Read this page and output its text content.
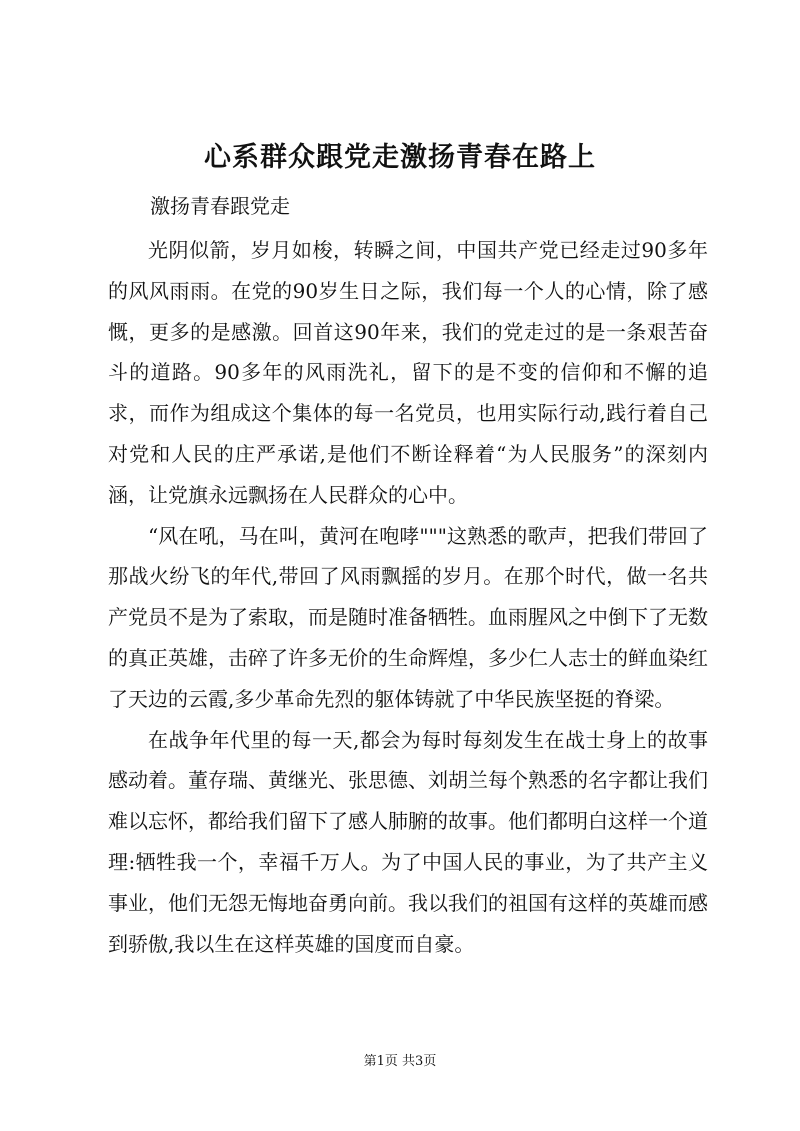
心系群众跟党走激扬青春在路上

激扬青春跟党走

光阴似箭，岁月如梭，转瞬之间，中国共产党已经走过90多年的风风雨雨。在党的90岁生日之际，我们每一个人的心情，除了感慨，更多的是感激。回首这90年来，我们的党走过的是一条艰苦奋斗的道路。90多年的风雨洗礼，留下的是不变的信仰和不懈的追求，而作为组成这个集体的每一名党员，也用实际行动,践行着自己对党和人民的庄严承诺,是他们不断诠释着“为人民服务”的深刻内涵，让党旗永远飘扬在人民群众的心中。

“风在吼，马在叫，黄河在咆哮"""这熟悉的歌声，把我们带回了那战火纷飞的年代,带回了风雨飘摇的岁月。在那个时代，做一名共产党员不是为了索取，而是随时准备牺牲。血雨腥风之中倒下了无数的真正英雄，击碎了许多无价的生命辉煌，多少仁人志士的鲜血染红了天边的云霞,多少革命先烈的躯体铸就了中华民族坚挺的脊梁。

在战争年代里的每一天,都会为每时每刻发生在战士身上的故事感动着。董存瑞、黄继光、张思德、刘胡兰每个熟悉的名字都让我们难以忘怀，都给我们留下了感人肺腑的故事。他们都明白这样一个道理:牺牲我一个，幸福千万人。为了中国人民的事业，为了共产主义事业，他们无怨无悔地奋勇向前。我以我们的祖国有这样的英雄而感到骄傲,我以生在这样英雄的国度而自豪。

第1页 共3页
